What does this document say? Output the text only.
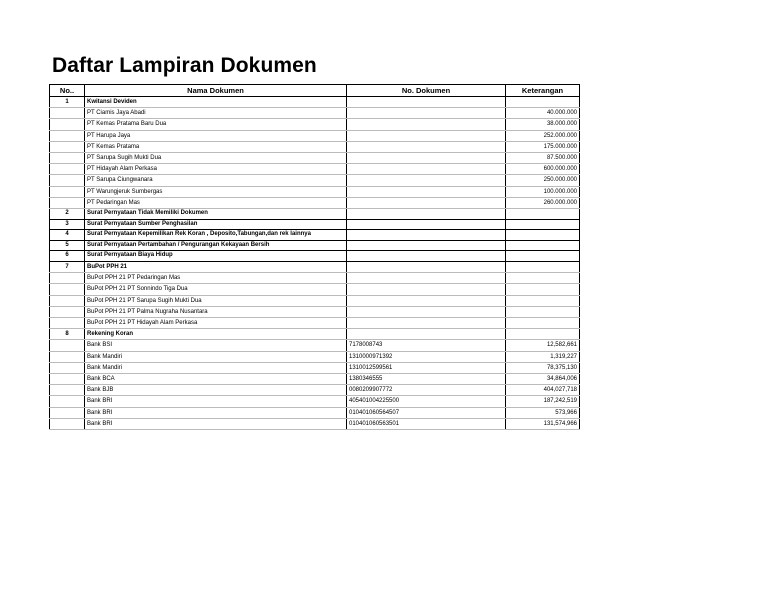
Daftar Lampiran Dokumen
No..	Nama Dokumen	No. Dokumen	Keterangan
1	Kwitansi Deviden		
	PT Ciamis Jaya Abadi		40.000.000
	PT Kemas Pratama Baru Dua		38.000.000
	PT Harupa Jaya		252.000.000
	PT Kemas Pratama		175.000.000
	PT Sarupa Sugih Mukti Dua		87.500.000
	PT Hidayah Alam Perkasa		600.000.000
	PT Sarupa Ciungwanara		250.000.000
	PT Warungjeruk Sumbergas		100.000.000
	PT Pedaringan Mas		260.000.000
2	Surat Pernyataan Tidak Memiliki Dokumen		
3	Surat Pernyataan Sumber Penghasilan		
4	Surat Pernyataan Kepemilikan Rek Koran , Deposito,Tabungan,dan rek lainnya		
5	Surat Pernyataan Pertambahan / Pengurangan Kekayaan Bersih		
6	Surat Pernyataan Biaya Hidup		
7	BuPot PPH 21		
	BuPot PPH 21 PT Pedaringan Mas		
	BuPot PPH 21 PT Sonnindo Tiga Dua		
	BuPot PPH 21 PT Sarupa Sugih Mukti Dua		
	BuPot PPH 21 PT Palma Nugraha Nusantara		
	BuPot PPH 21 PT Hidayah Alam Perkasa		
8	Rekening Koran		
	Bank BSI	7178008743	12,582,661
	Bank Mandiri	1310000971392	1,319,227
	Bank Mandiri	1310012599561	78,375,130
	Bank BCA	1380346555	34,864,006
	Bank BJB	0080209907772	404,027,718
	Bank BRI	405401004225500	187,242,519
	Bank BRI	010401060564507	573,966
	Bank BRI	010401060563501	131,574,966
